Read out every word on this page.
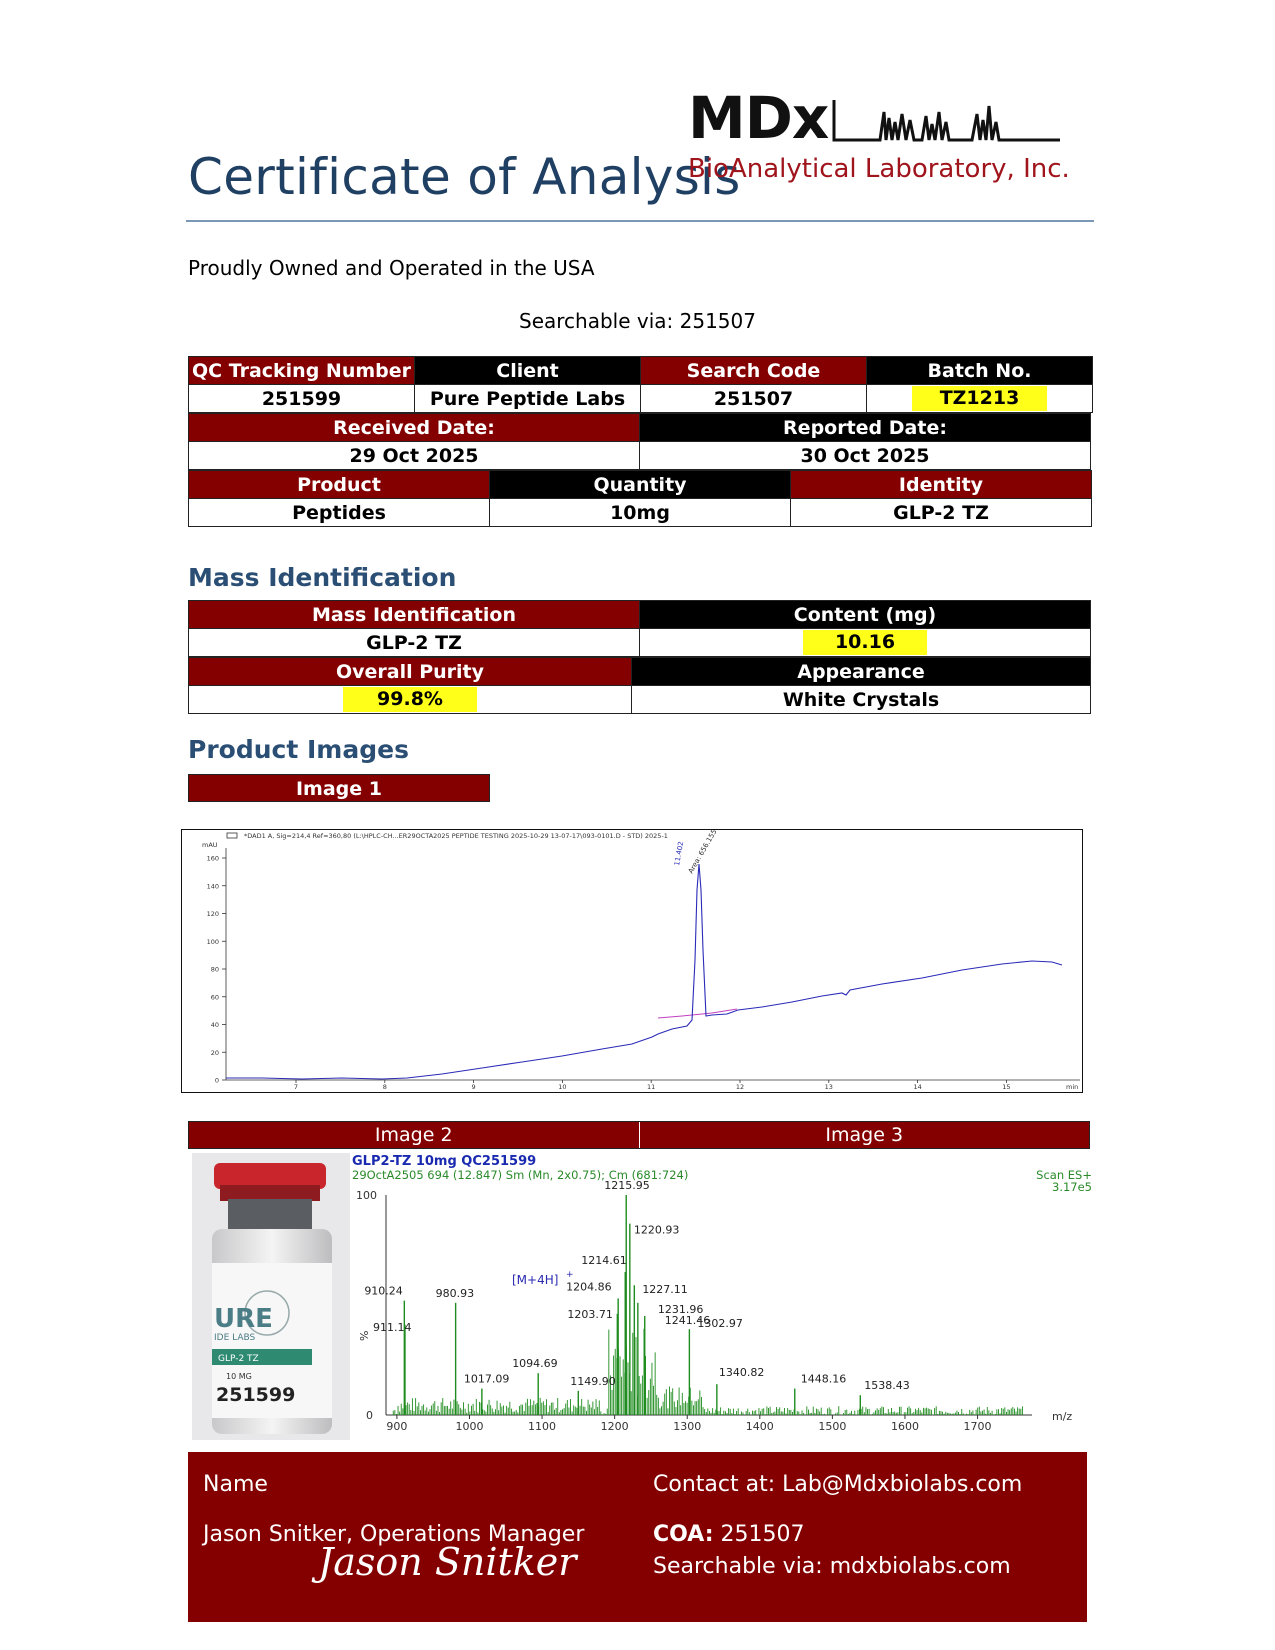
Certificate of Analysis
MDx
BioAnalytical Laboratory, Inc.
Proudly Owned and Operated in the USA
Searchable via: 251507
QC Tracking Number	Client	Search Code	Batch No.
251599	Pure Peptide Labs	251507	TZ1213
Received Date:	Reported Date:
29 Oct 2025	30 Oct 2025
Product	Quantity	Identity
Peptides	10mg	GLP-2 TZ
Mass Identification
Mass Identification	Content (mg)
GLP-2 TZ	10.16
Overall Purity	Appearance
99.8%	White Crystals
Product Images
Image 1
*DAD1 A, Sig=214,4 Ref=360,80 (L:\HPLC-CH...ER29OCTA2025 PEPTIDE TESTING 2025-10-29 13-07-17\093-0101.D - STD) 2025-1
mAU
160
140
120
100
80
60
40
20
0
7	8	9	10	11	12	13	14	15	min
11.402 Area: 656.155
Image 2	Image 3
URE
IDE LABS
GLP-2 TZ
10 MG
251599
GLP2-TZ 10mg QC251599
29OctA2505 694 (12.847) Sm (Mn, 2x0.75); Cm (681:724)	Scan ES+
3.17e5
[M+4H] +
%
100
0	m/z
910.24
911.14
980.93
1017.09
1094.69
1149.90
1203.71
1204.86
1214.61
1215.95
1220.93
1227.11
1231.96
1241.46
1302.97
1340.82	1448.16
1538.43
900	1000	1100	1200	1300	1400	1500	1600	1700
Name
Jason Snitker, Operations Manager
Jason Snitker
Contact at: Lab@Mdxbiolabs.com
COA: 251507
Searchable via: mdxbiolabs.com
